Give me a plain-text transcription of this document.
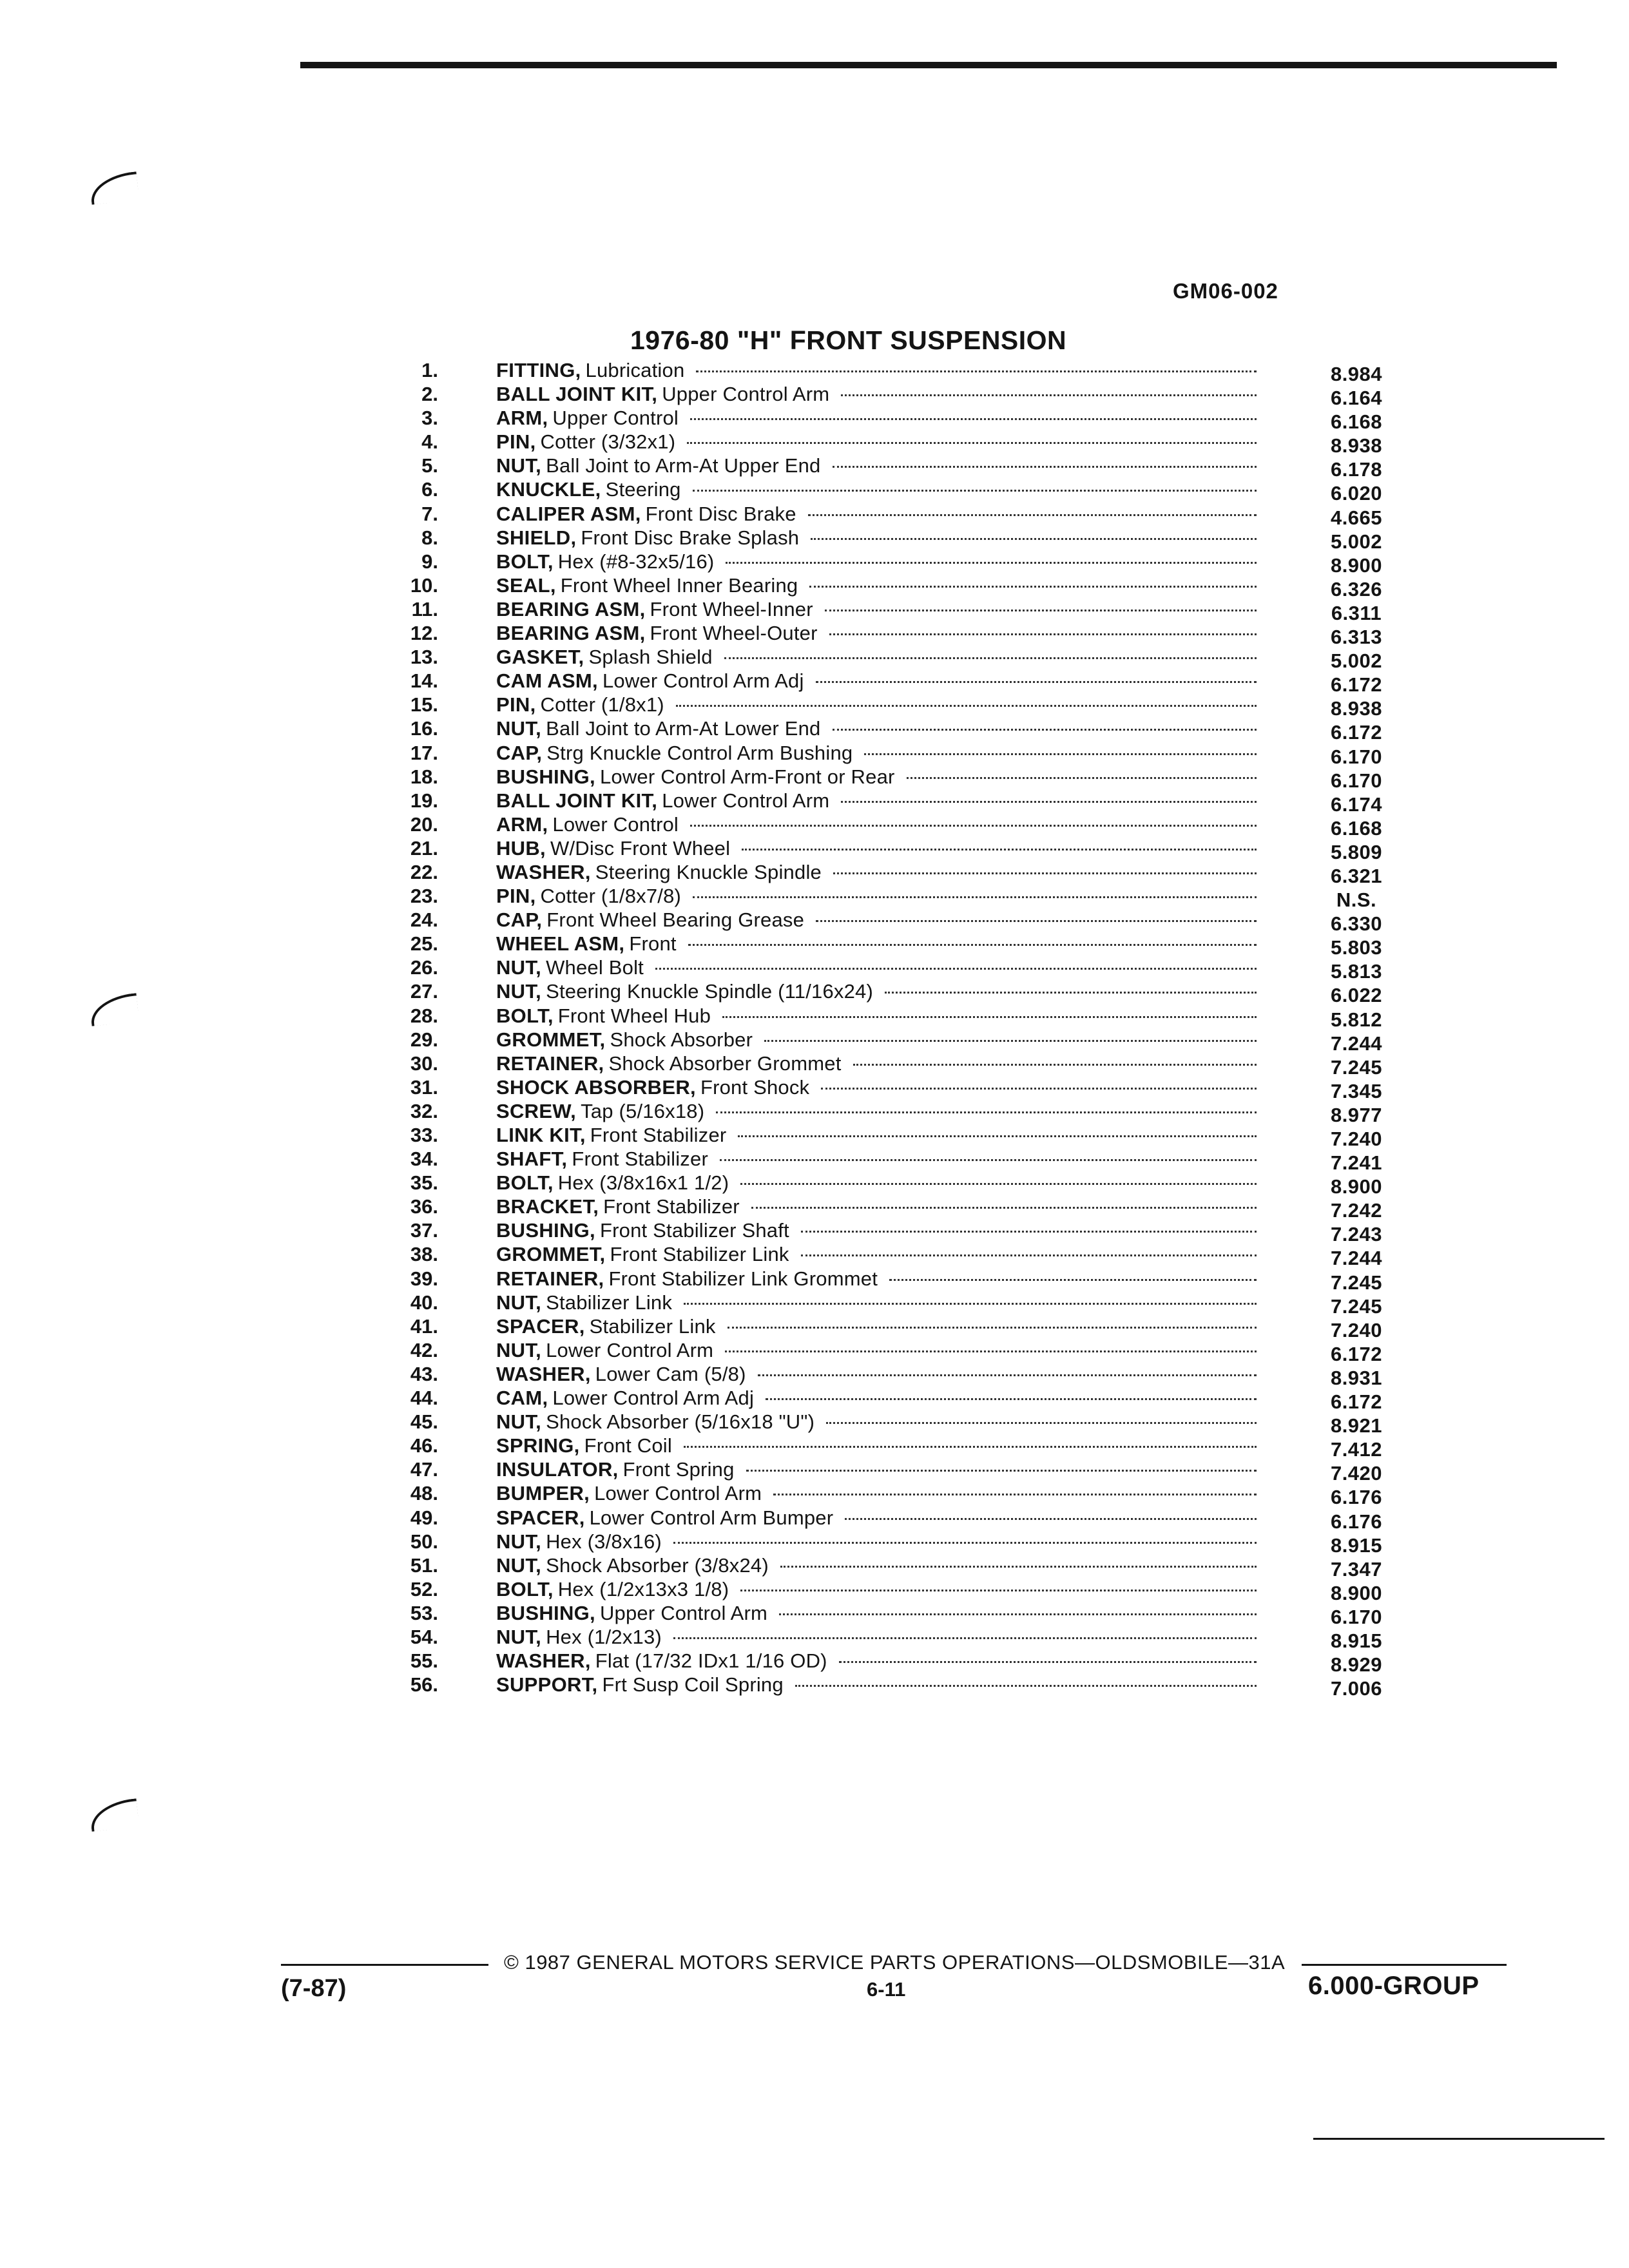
GM06-002
1976-80 "H" FRONT SUSPENSION
1.	FITTING, Lubrication	8.984
2.	BALL JOINT KIT, Upper Control Arm	6.164
3.	ARM, Upper Control	6.168
4.	PIN, Cotter (3/32x1)	8.938
5.	NUT, Ball Joint to Arm-At Upper End	6.178
6.	KNUCKLE, Steering	6.020
7.	CALIPER ASM, Front Disc Brake	4.665
8.	SHIELD, Front Disc Brake Splash	5.002
9.	BOLT, Hex (#8-32x5/16)	8.900
10.	SEAL, Front Wheel Inner Bearing	6.326
11.	BEARING ASM, Front Wheel-Inner	6.311
12.	BEARING ASM, Front Wheel-Outer	6.313
13.	GASKET, Splash Shield	5.002
14.	CAM ASM, Lower Control Arm Adj	6.172
15.	PIN, Cotter (1/8x1)	8.938
16.	NUT, Ball Joint to Arm-At Lower End	6.172
17.	CAP, Strg Knuckle Control Arm Bushing	6.170
18.	BUSHING, Lower Control Arm-Front or Rear	6.170
19.	BALL JOINT KIT, Lower Control Arm	6.174
20.	ARM, Lower Control	6.168
21.	HUB, W/Disc Front Wheel	5.809
22.	WASHER, Steering Knuckle Spindle	6.321
23.	PIN, Cotter (1/8x7/8)	N.S.
24.	CAP, Front Wheel Bearing Grease	6.330
25.	WHEEL ASM, Front	5.803
26.	NUT, Wheel Bolt	5.813
27.	NUT, Steering Knuckle Spindle (11/16x24)	6.022
28.	BOLT, Front Wheel Hub	5.812
29.	GROMMET, Shock Absorber	7.244
30.	RETAINER, Shock Absorber Grommet	7.245
31.	SHOCK ABSORBER, Front Shock	7.345
32.	SCREW, Tap (5/16x18)	8.977
33.	LINK KIT, Front Stabilizer	7.240
34.	SHAFT, Front Stabilizer	7.241
35.	BOLT, Hex (3/8x16x1 1/2)	8.900
36.	BRACKET, Front Stabilizer	7.242
37.	BUSHING, Front Stabilizer Shaft	7.243
38.	GROMMET, Front Stabilizer Link	7.244
39.	RETAINER, Front Stabilizer Link Grommet	7.245
40.	NUT, Stabilizer Link	7.245
41.	SPACER, Stabilizer Link	7.240
42.	NUT, Lower Control Arm	6.172
43.	WASHER, Lower Cam (5/8)	8.931
44.	CAM, Lower Control Arm Adj	6.172
45.	NUT, Shock Absorber (5/16x18 "U")	8.921
46.	SPRING, Front Coil	7.412
47.	INSULATOR, Front Spring	7.420
48.	BUMPER, Lower Control Arm	6.176
49.	SPACER, Lower Control Arm Bumper	6.176
50.	NUT, Hex (3/8x16)	8.915
51.	NUT, Shock Absorber (3/8x24)	7.347
52.	BOLT, Hex (1/2x13x3 1/8)	8.900
53.	BUSHING, Upper Control Arm	6.170
54.	NUT, Hex (1/2x13)	8.915
55.	WASHER, Flat (17/32 IDx1 1/16 OD)	8.929
56.	SUPPORT, Frt Susp Coil Spring	7.006
(7-87)
© 1987 GENERAL MOTORS SERVICE PARTS OPERATIONS—OLDSMOBILE—31A
6-11	6.000-GROUP
